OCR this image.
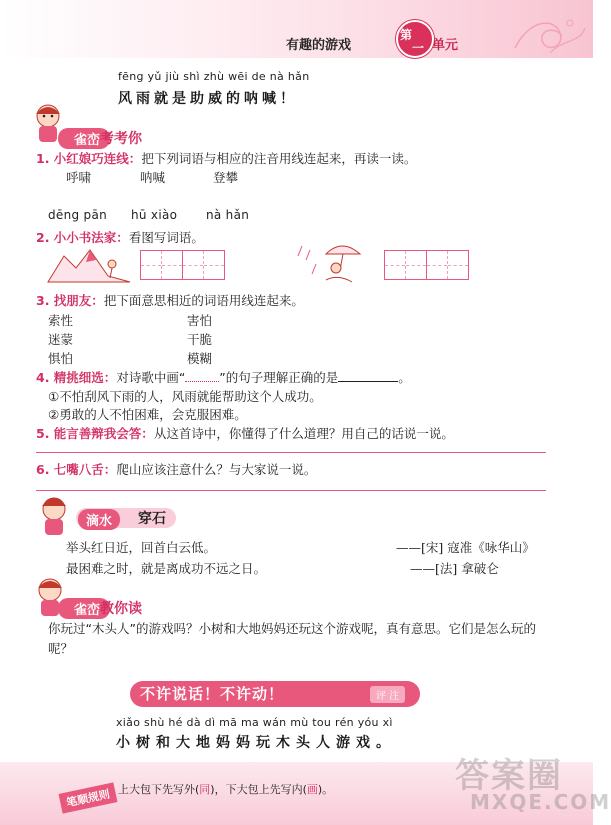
有趣的游戏
第
一 单元
fēng yǔ jiù shì zhù wēi de nà hǎn
风雨就是助威的呐喊！
雀峦 考考你
1. 小红娘巧连线：把下列词语与相应的注音用线连起来，再读一读。
呼啸	呐喊	登攀
dēng pān hū xiào nà hǎn
2. 小小书法家：看图写词语。
3. 找朋友：把下面意思相近的词语用线连起来。
索性
迷蒙
惧怕
害怕
干脆
模糊
4. 精挑细选：对诗歌中画“	”的句子理解正确的是	。
①不怕刮风下雨的人，风雨就能帮助这个人成功。
②勇敢的人不怕困难，会克服困难。
5. 能言善辩我会答：从这首诗中，你懂得了什么道理？用自己的话说一说。
6. 七嘴八舌：爬山应该注意什么？与大家说一说。
滴水	穿石
举头红日近，回首白云低。	——[宋] 寇准《咏华山》
最困难之时，就是离成功不远之日。	——[法] 拿破仑
雀峦 教你读
你玩过“木头人”的游戏吗？小树和大地妈妈还玩这个游戏呢，真有意思。它们是怎么玩的呢？
不许说话！不许动！	评 注
xiǎo shù hé dà dì mā ma wán mù tou rén yóu xì
小树和大地妈妈玩木头人游戏。
笔顺规则 上大包下先写外(同)，下大包上先写内(画)。	答案圈
MXQE.COM
